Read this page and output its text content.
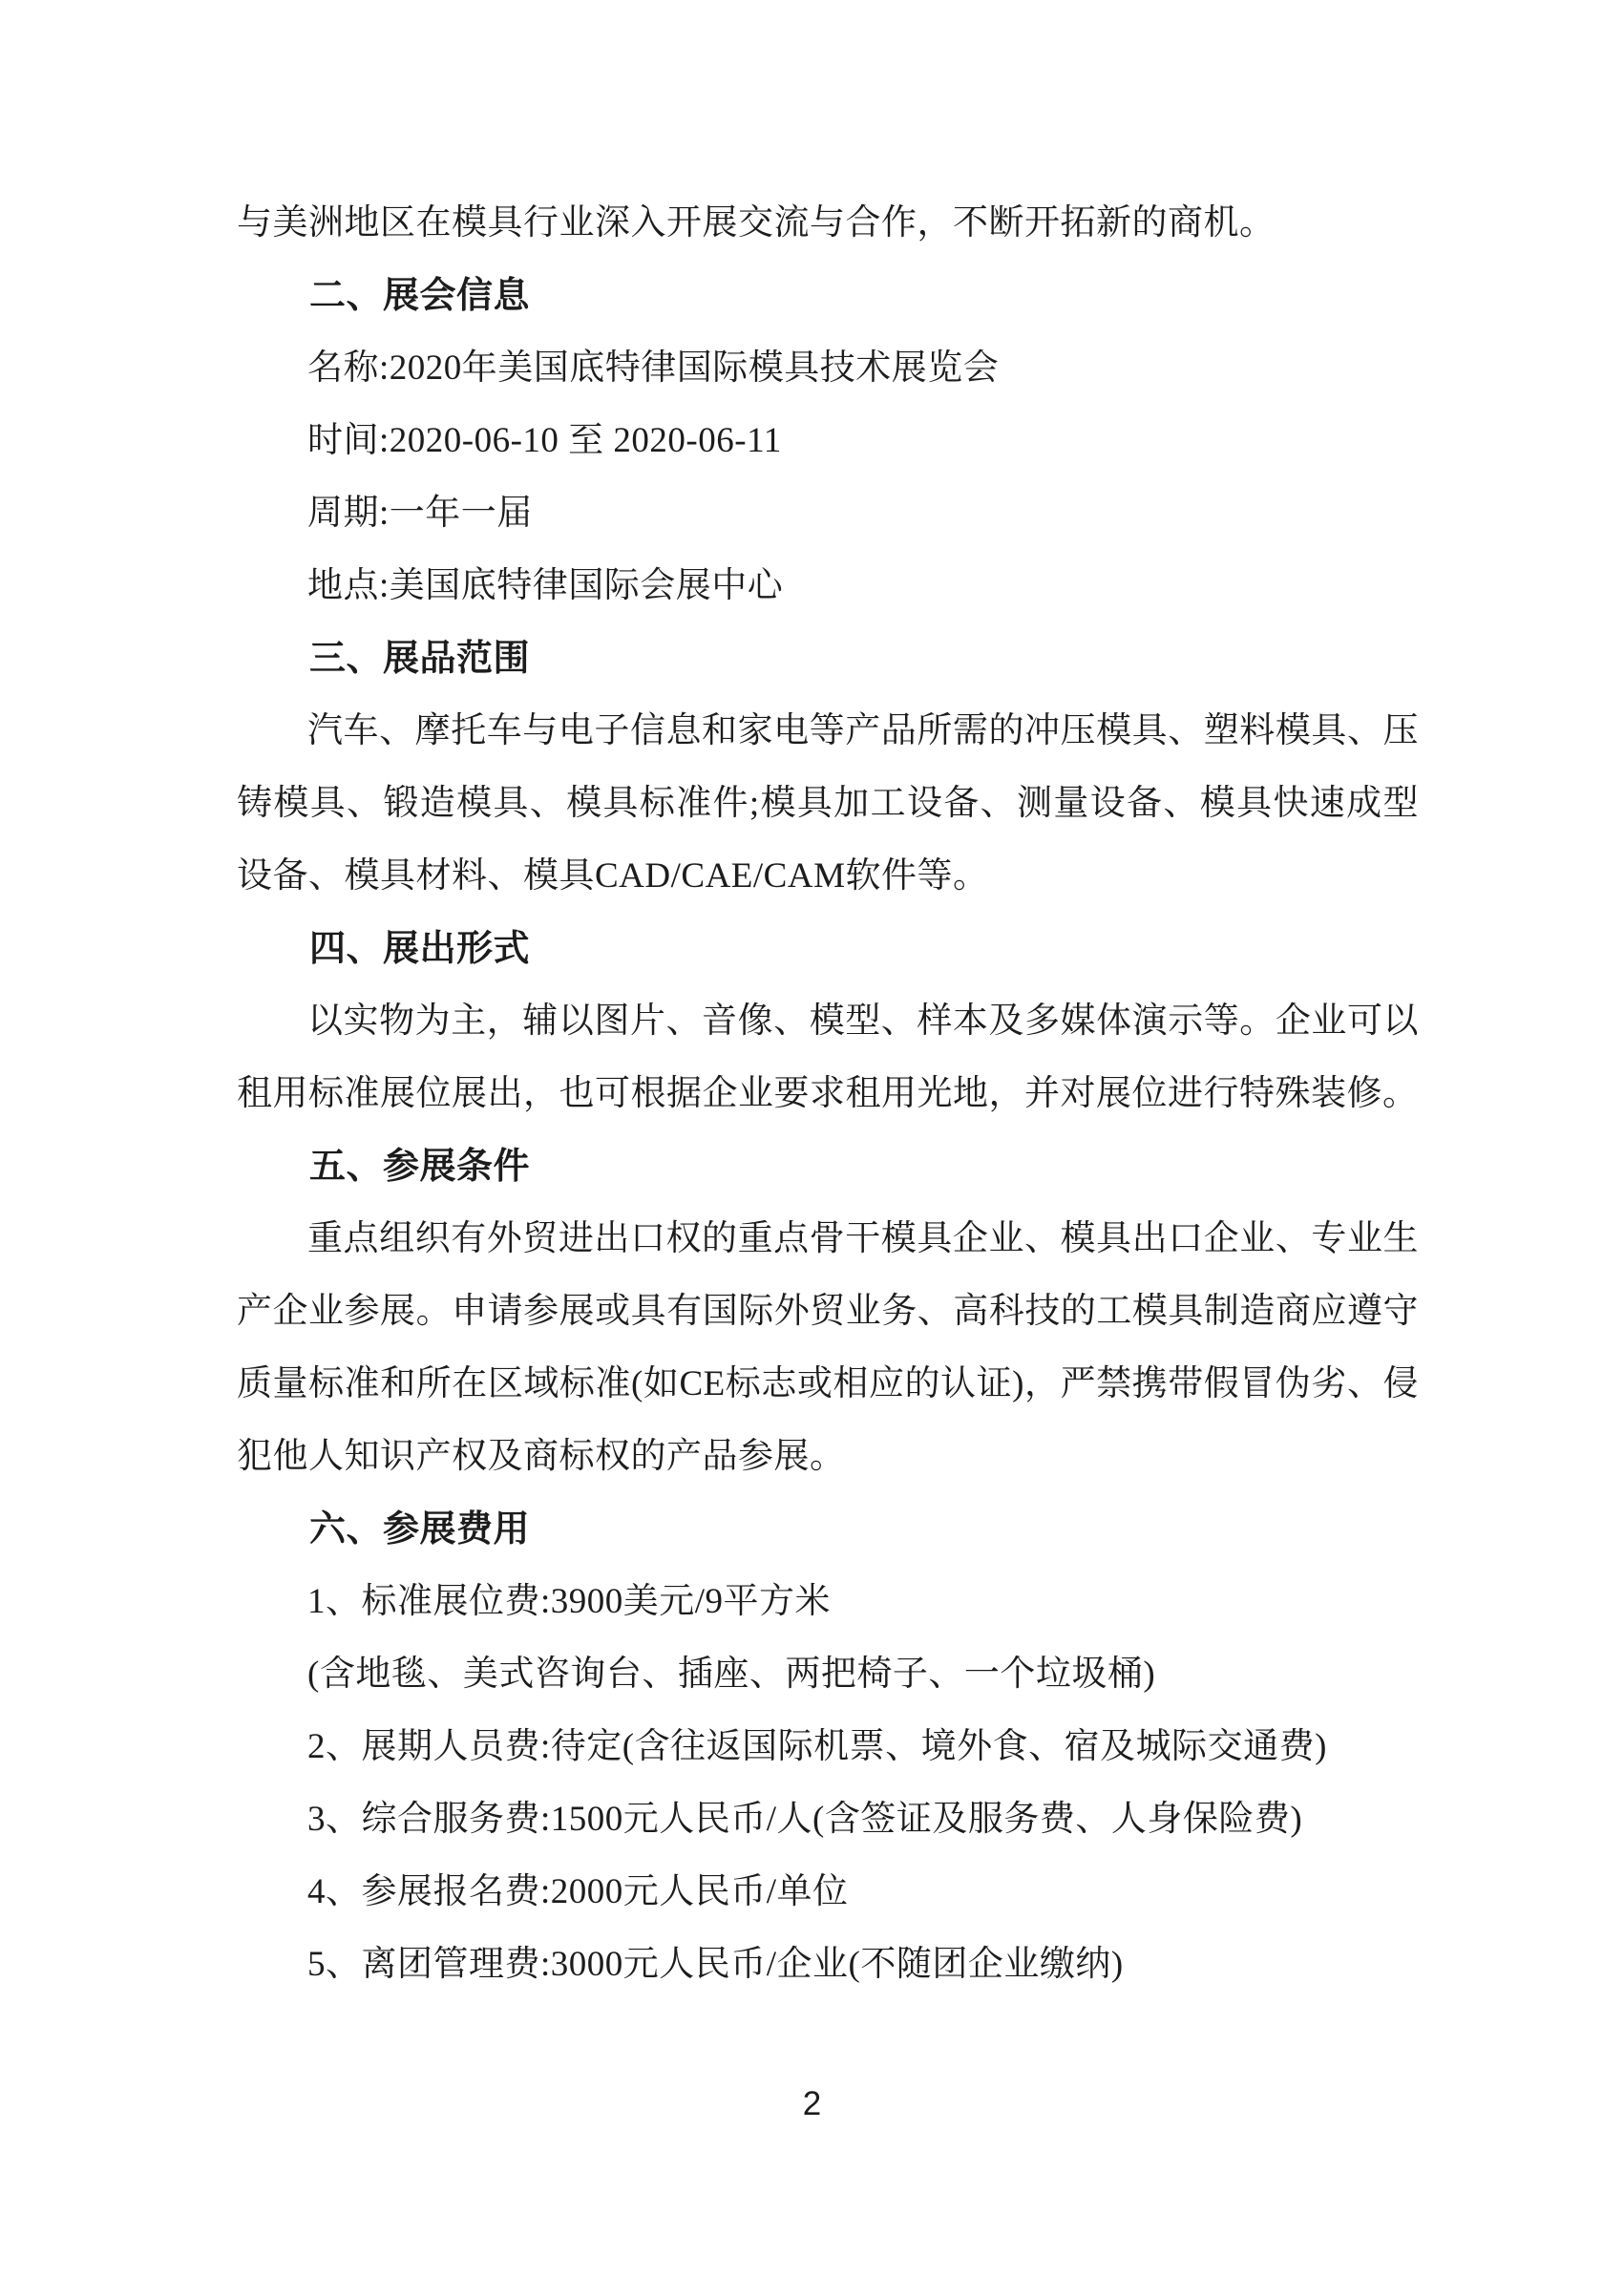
与美洲地区在模具行业深入开展交流与合作，不断开拓新的商机。
二、展会信息
名称:2020年美国底特律国际模具技术展览会
时间:2020-06-10 至 2020-06-11
周期:一年一届
地点:美国底特律国际会展中心
三、展品范围
汽车、摩托车与电子信息和家电等产品所需的冲压模具、塑料模具、压铸模具、锻造模具、模具标准件;模具加工设备、测量设备、模具快速成型设备、模具材料、模具CAD/CAE/CAM软件等。
四、展出形式
以实物为主，辅以图片、音像、模型、样本及多媒体演示等。企业可以租用标准展位展出，也可根据企业要求租用光地，并对展位进行特殊装修。
五、参展条件
重点组织有外贸进出口权的重点骨干模具企业、模具出口企业、专业生产企业参展。申请参展或具有国际外贸业务、高科技的工模具制造商应遵守质量标准和所在区域标准(如CE标志或相应的认证)，严禁携带假冒伪劣、侵犯他人知识产权及商标权的产品参展。
六、参展费用
1、标准展位费:3900美元/9平方米
(含地毯、美式咨询台、插座、两把椅子、一个垃圾桶)
2、展期人员费:待定(含往返国际机票、境外食、宿及城际交通费)
3、综合服务费:1500元人民币/人(含签证及服务费、人身保险费)
4、参展报名费:2000元人民币/单位
5、离团管理费:3000元人民币/企业(不随团企业缴纳)
2
